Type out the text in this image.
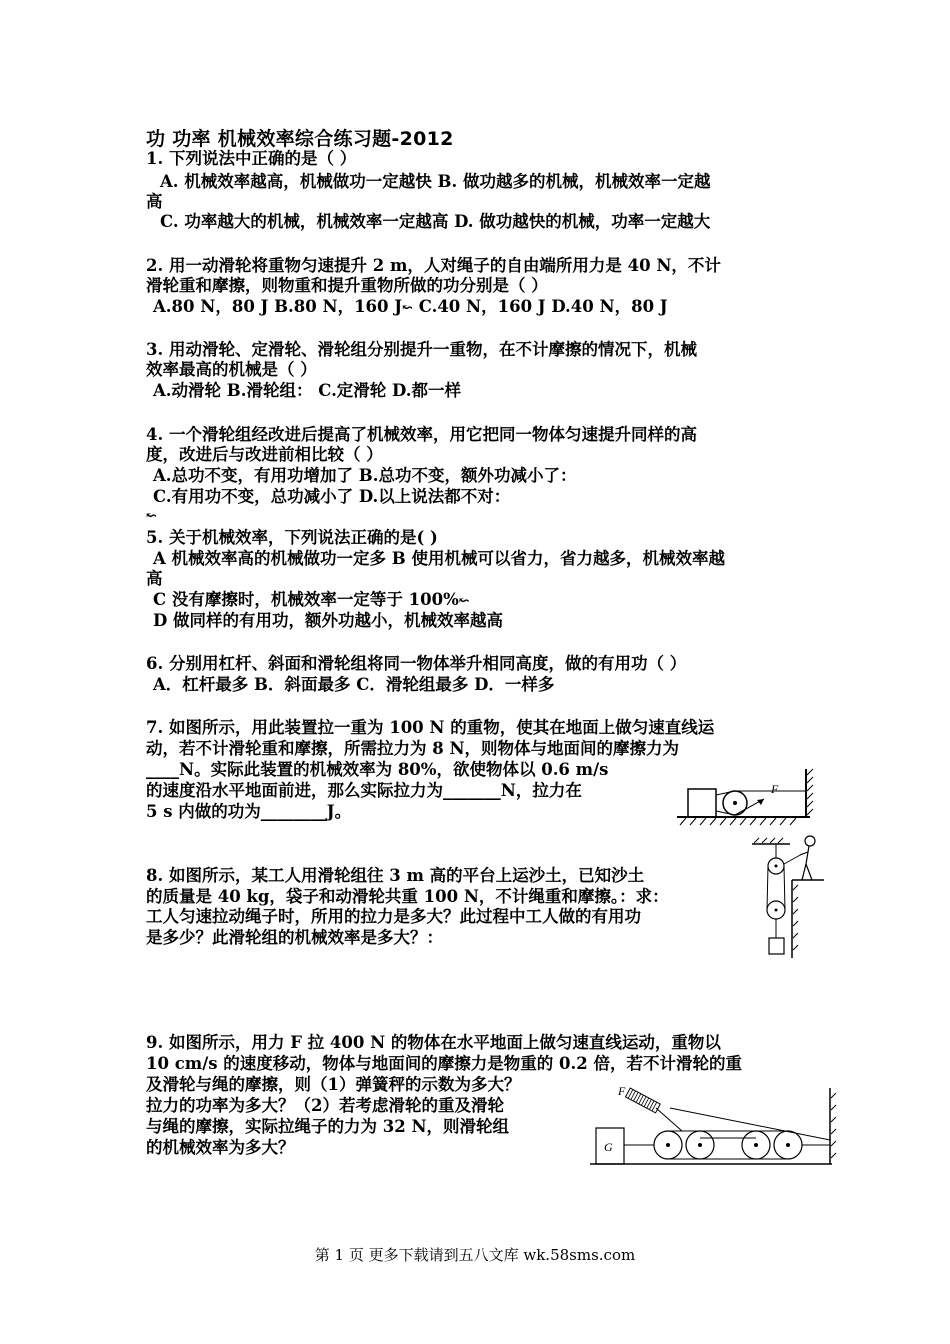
功 功率 机械效率综合练习题-2012
1. 下列说法中正确的是（ ）
A. 机械效率越高，机械做功一定越快 B. 做功越多的机械，机械效率一定越
高
C. 功率越大的机械，机械效率一定越高 D. 做功越快的机械，功率一定越大
2. 用一动滑轮将重物匀速提升 2 m，人对绳子的自由端所用力是 40 N，不计
滑轮重和摩擦，则物重和提升重物所做的功分别是（ ）
A.80 N，80 J B.80 N，160 J↜ C.40 N，160 J D.40 N，80 J
3. 用动滑轮、定滑轮、滑轮组分别提升一重物，在不计摩擦的情况下，机械
效率最高的机械是（ ）
A.动滑轮 B.滑轮组： C.定滑轮 D.都一样
4. 一个滑轮组经改进后提高了机械效率，用它把同一物体匀速提升同样的高
度，改进后与改进前相比较（ ）
A.总功不变，有用功增加了 B.总功不变，额外功减小了：
C.有用功不变，总功减小了 D.以上说法都不对：
↜
5. 关于机械效率，下列说法正确的是( )
A 机械效率高的机械做功一定多 B 使用机械可以省力，省力越多，机械效率越
高
C 没有摩擦时，机械效率一定等于 100%↜
D 做同样的有用功，额外功越小，机械效率越高
6. 分别用杠杆、斜面和滑轮组将同一物体举升相同高度，做的有用功（ ）
A．杠杆最多 B．斜面最多 C．滑轮组最多 D．一样多
7. 如图所示，用此装置拉一重为 100 N 的重物，使其在地面上做匀速直线运
动，若不计滑轮重和摩擦，所需拉力为 8 N，则物体与地面间的摩擦力为
____N。实际此装置的机械效率为 80%，欲使物体以 0.6 m/s
的速度沿水平地面前进，那么实际拉力为_______N，拉力在
5 s 内做的功为________J。
F
8. 如图所示，某工人用滑轮组往 3 m 高的平台上运沙土，已知沙土
的质量是 40 kg，袋子和动滑轮共重 100 N，不计绳重和摩擦。：求：
工人匀速拉动绳子时，所用的拉力是多大？此过程中工人做的有用功
是多少？此滑轮组的机械效率是多大？：
9. 如图所示，用力 F 拉 400 N 的物体在水平地面上做匀速直线运动，重物以
10 cm/s 的速度移动，物体与地面间的摩擦力是物重的 0.2 倍，若不计滑轮的重
及滑轮与绳的摩擦，则（1）弹簧秤的示数为多大？
拉力的功率为多大？（2）若考虑滑轮的重及滑轮
与绳的摩擦，实际拉绳子的力为 32 N，则滑轮组
的机械效率为多大？	G
F
第 1 页 更多下载请到五八文库 wk.58sms.com
